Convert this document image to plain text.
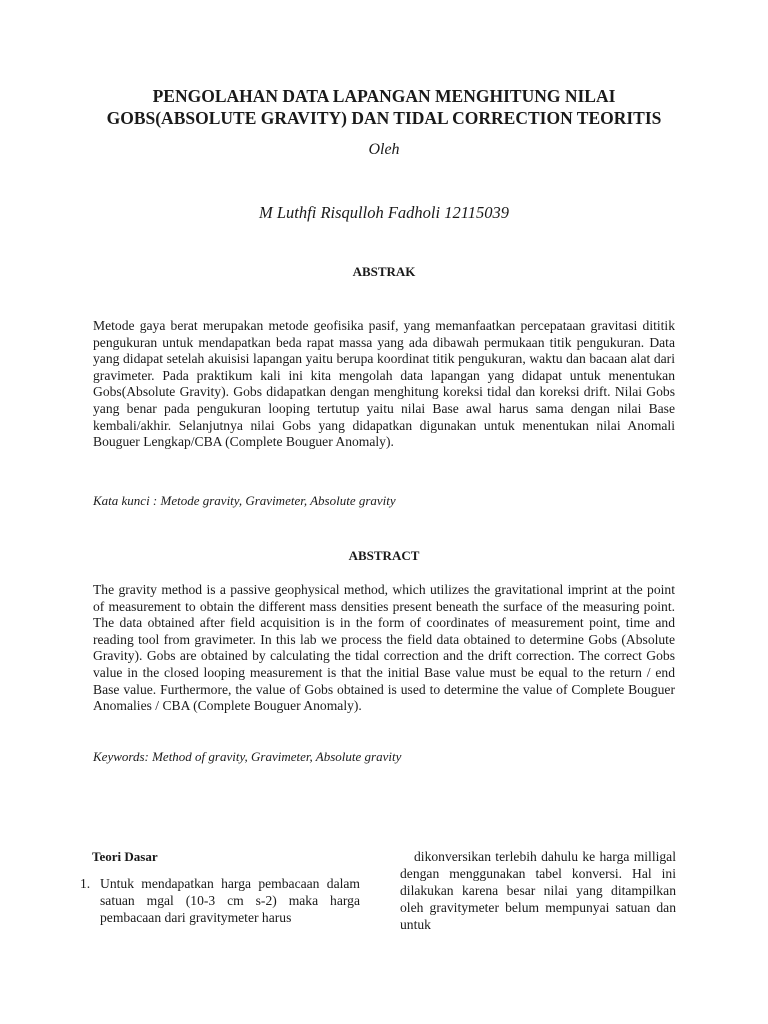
PENGOLAHAN DATA LAPANGAN MENGHITUNG NILAI
GOBS(ABSOLUTE GRAVITY) DAN TIDAL CORRECTION TEORITIS

Oleh

M Luthfi Risqulloh Fadholi 12115039

ABSTRAK

Metode gaya berat merupakan metode geofisika pasif, yang memanfaatkan percepataan gravitasi dititik pengukuran untuk mendapatkan beda rapat massa yang ada dibawah permukaan titik pengukuran. Data yang didapat setelah akuisisi lapangan yaitu berupa koordinat titik pengukuran, waktu dan bacaan alat dari gravimeter. Pada praktikum kali ini kita mengolah data lapangan yang didapat untuk menentukan Gobs(Absolute Gravity). Gobs didapatkan dengan menghitung koreksi tidal dan koreksi drift. Nilai Gobs yang benar pada pengukuran looping tertutup yaitu nilai Base awal harus sama dengan nilai Base kembali/akhir. Selanjutnya nilai Gobs yang didapatkan digunakan untuk menentukan nilai Anomali Bouguer Lengkap/CBA (Complete Bouguer Anomaly).

Kata kunci : Metode gravity, Gravimeter, Absolute gravity

ABSTRACT

The gravity method is a passive geophysical method, which utilizes the gravitational imprint at the point of measurement to obtain the different mass densities present beneath the surface of the measuring point. The data obtained after field acquisition is in the form of coordinates of measurement point, time and reading tool from gravimeter. In this lab we process the field data obtained to determine Gobs (Absolute Gravity). Gobs are obtained by calculating the tidal correction and the drift correction. The correct Gobs value in the closed looping measurement is that the initial Base value must be equal to the return / end Base value. Furthermore, the value of Gobs obtained is used to determine the value of Complete Bouguer Anomalies / CBA (Complete Bouguer Anomaly).

Keywords: Method of gravity, Gravimeter, Absolute gravity

Teori Dasar
1. Untuk mendapatkan harga pembacaan dalam satuan mgal (10-3 cm s-2) maka harga pembacaan dari gravitymeter harus

dikonversikan terlebih dahulu ke harga milligal dengan menggunakan tabel konversi. Hal ini dilakukan karena besar nilai yang ditampilkan oleh gravitymeter belum mempunyai satuan dan untuk
